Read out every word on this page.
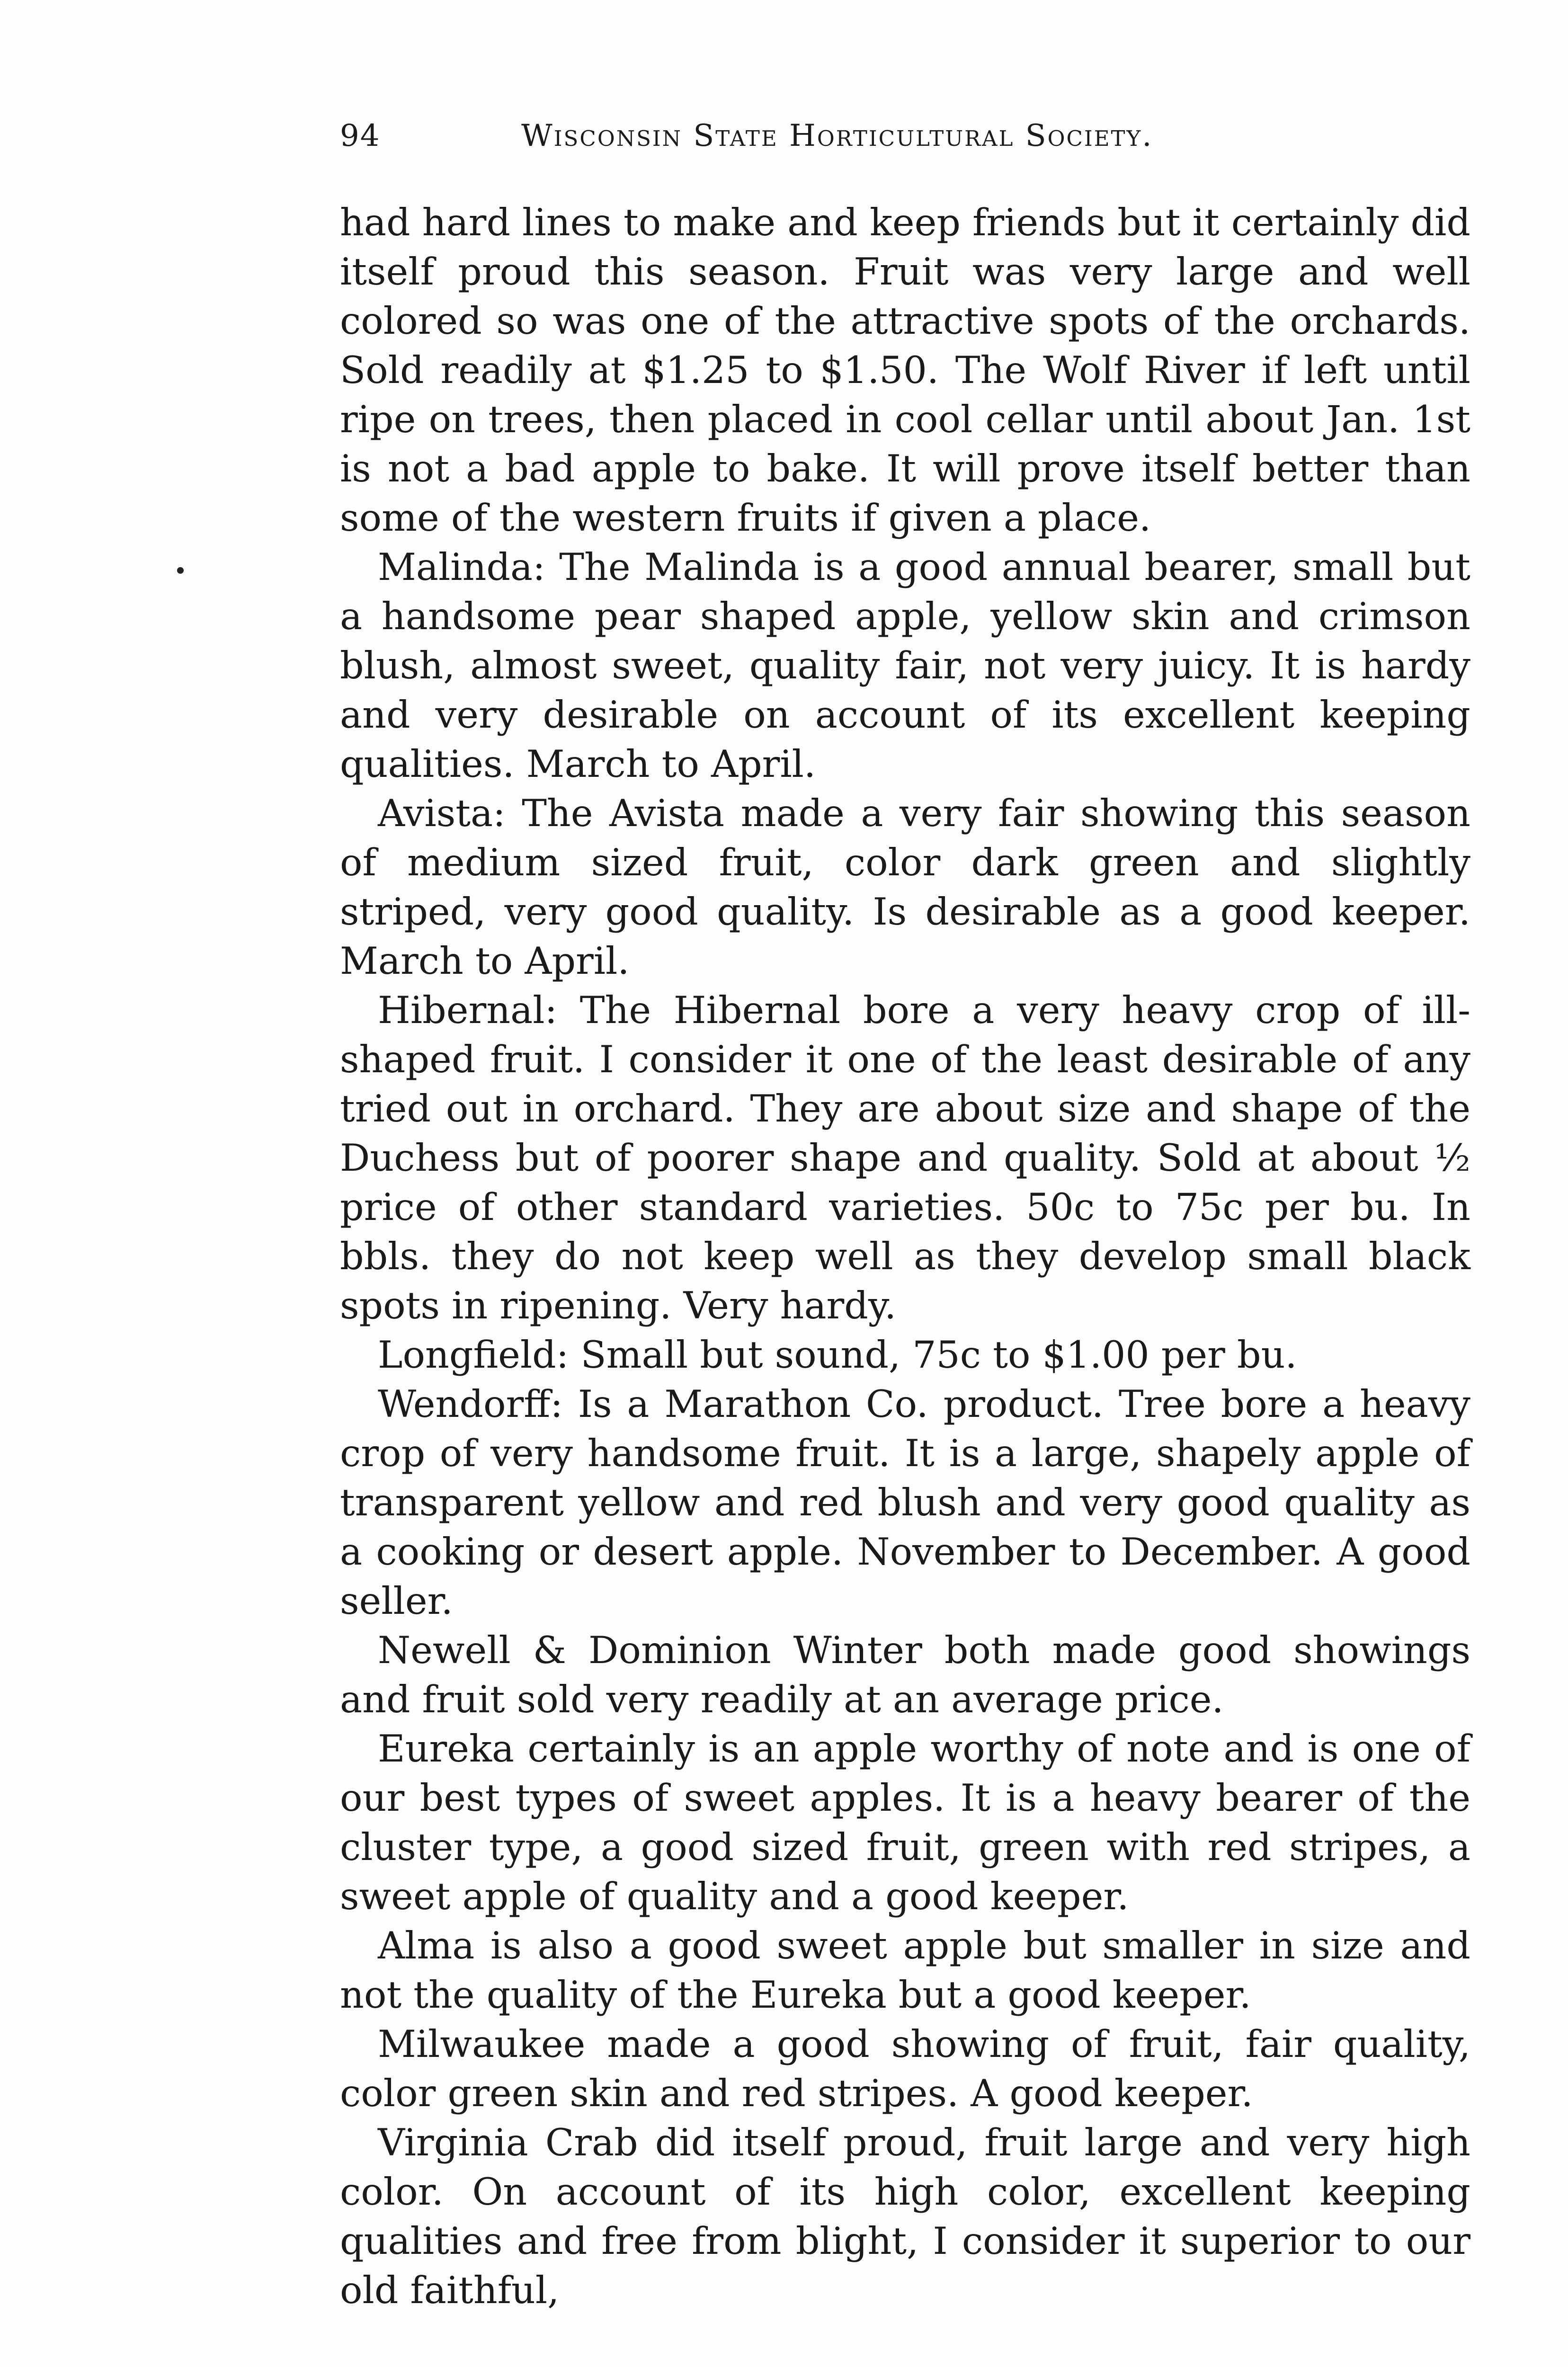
94	Wisconsin State Horticultural Society.

had hard lines to make and keep friends but it certainly did itself proud this season. Fruit was very large and well colored so was one of the attractive spots of the orchards. Sold readily at $1.25 to $1.50. The Wolf River if left until ripe on trees, then placed in cool cellar until about Jan. 1st is not a bad apple to bake. It will prove itself better than some of the western fruits if given a place.

Malinda: The Malinda is a good annual bearer, small but a handsome pear shaped apple, yellow skin and crimson blush, almost sweet, quality fair, not very juicy. It is hardy and very desirable on account of its excellent keeping qualities. March to April.

Avista: The Avista made a very fair showing this season of medium sized fruit, color dark green and slightly striped, very good quality. Is desirable as a good keeper. March to April.

Hibernal: The Hibernal bore a very heavy crop of ill-shaped fruit. I consider it one of the least desirable of any tried out in orchard. They are about size and shape of the Duchess but of poorer shape and quality. Sold at about ½ price of other standard varieties. 50c to 75c per bu. In bbls. they do not keep well as they develop small black spots in ripening. Very hardy.

Longfield: Small but sound, 75c to $1.00 per bu.

Wendorff: Is a Marathon Co. product. Tree bore a heavy crop of very handsome fruit. It is a large, shapely apple of transparent yellow and red blush and very good quality as a cooking or desert apple. November to December. A good seller.

Newell & Dominion Winter both made good showings and fruit sold very readily at an average price.

Eureka certainly is an apple worthy of note and is one of our best types of sweet apples. It is a heavy bearer of the cluster type, a good sized fruit, green with red stripes, a sweet apple of quality and a good keeper.

Alma is also a good sweet apple but smaller in size and not the quality of the Eureka but a good keeper.

Milwaukee made a good showing of fruit, fair quality, color green skin and red stripes. A good keeper.

Virginia Crab did itself proud, fruit large and very high color. On account of its high color, excellent keeping qualities and free from blight, I consider it superior to our old faithful,
